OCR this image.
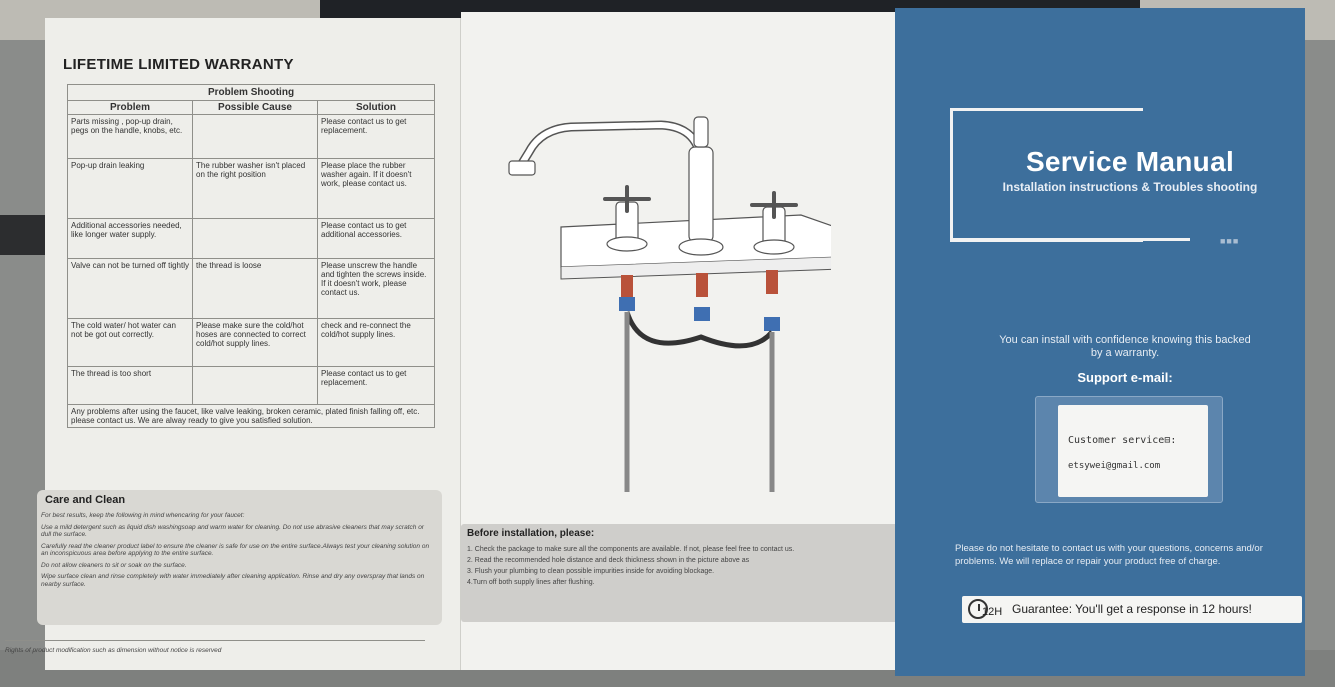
LIFETIME LIMITED WARRANTY
Problem Shooting		
Problem	Possible Cause	Solution
Parts missing , pop-up drain, pegs on the handle, knobs, etc.		Please contact us to get replacement.
Pop-up drain leaking	The rubber washer isn't placed on the right position	Please place the rubber washer again. If it doesn't work, please contact us.
Additional accessories needed, like longer water supply.		Please contact us to get additional accessories.
Valve can not be turned off tightly	the thread is loose	Please unscrew the handle and tighten the screws inside. If it doesn't work, please contact us.
The cold water/ hot water can not be got out correctly.	Please make sure the cold/hot hoses are connected to correct cold/hot supply lines.	check and re-connect the cold/hot supply lines.
The thread is too short		Please contact us to get replacement.
Any problems after using the faucet, like valve leaking, broken ceramic, plated finish falling off, etc. please contact us. We are alway ready to give you satisfied solution.		
Care and Clean

For best results, keep the following in mind whencaring for your faucet:

Use a mild detergent such as liquid dish washingsoap and warm water for cleaning. Do not use abrasive cleaners that may scratch or dull the surface.

Carefully read the cleaner product label to ensure the cleaner is safe for use on the entire surface.Always test your cleaning solution on an inconspicuous area before applying to the entire surface.

Do not allow cleaners to sit or soak on the surface.

Wipe surface clean and rinse completely with water immediately after cleaning application. Rinse and dry any overspray that lands on nearby surface.

Rights of product modification such as dimension without notice is reserved
Before installation, please:

1. Check the package to make sure all the components are available. If not, please feel free to contact us.

2. Read the recommended hole distance and deck thickness shown in the picture above as

3. Flush your plumbing to clean possible impurities inside for avoiding blockage.

4.Turn off both supply lines after flushing.

Service Manual
Installation instructions & Troubles shooting
■■■
You can install with confidence knowing this backed by a warranty.
Support e-mail:
Customer service⊟:
etsywei@gmail.com
Please do not hesitate to contact us with your questions, concerns and/or problems. We will replace or repair your product free of charge.
12H Guarantee: You'll get a response in 12 hours!
